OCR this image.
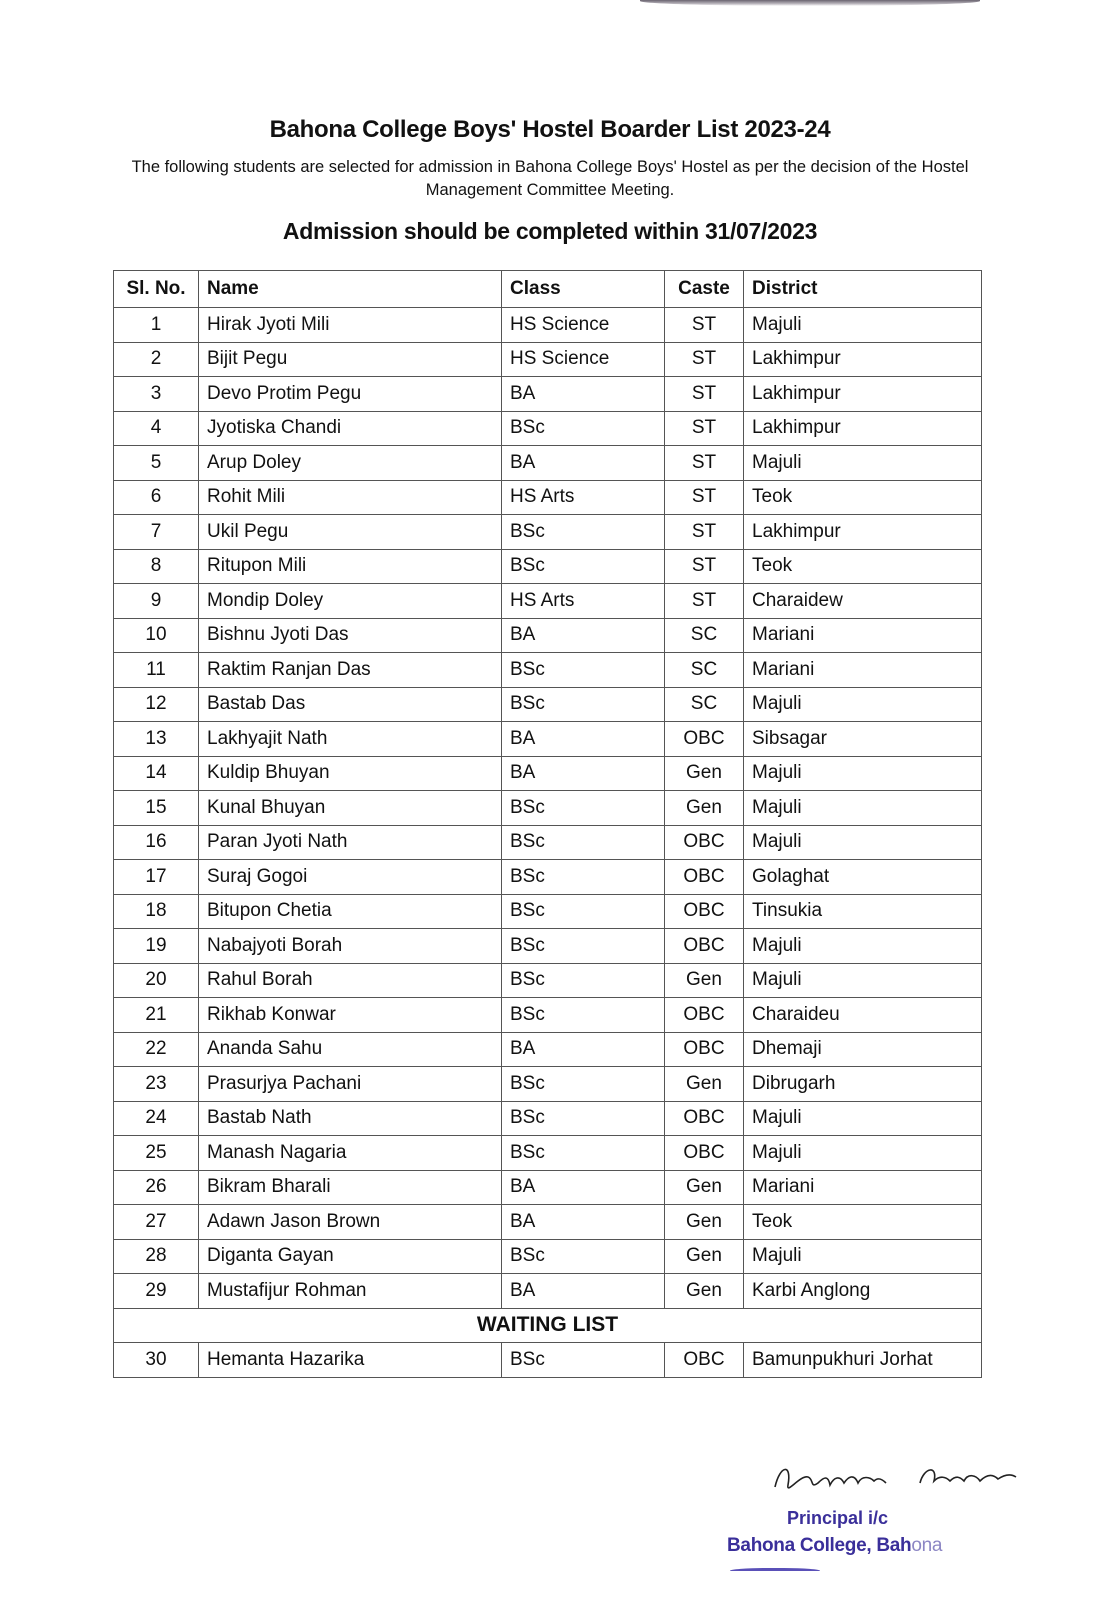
Bahona College Boys' Hostel Boarder List 2023-24
The following students are selected for admission in Bahona College Boys' Hostel as per the decision of the Hostel Management Committee Meeting.
Admission should be completed within 31/07/2023
Sl. No.	Name	Class	Caste	District
1	Hirak Jyoti Mili	HS Science	ST	Majuli
2	Bijit Pegu	HS Science	ST	Lakhimpur
3	Devo Protim Pegu	BA	ST	Lakhimpur
4	Jyotiska Chandi	BSc	ST	Lakhimpur
5	Arup Doley	BA	ST	Majuli
6	Rohit Mili	HS Arts	ST	Teok
7	Ukil Pegu	BSc	ST	Lakhimpur
8	Ritupon Mili	BSc	ST	Teok
9	Mondip Doley	HS Arts	ST	Charaidew
10	Bishnu Jyoti Das	BA	SC	Mariani
11	Raktim Ranjan Das	BSc	SC	Mariani
12	Bastab Das	BSc	SC	Majuli
13	Lakhyajit Nath	BA	OBC	Sibsagar
14	Kuldip Bhuyan	BA	Gen	Majuli
15	Kunal Bhuyan	BSc	Gen	Majuli
16	Paran Jyoti Nath	BSc	OBC	Majuli
17	Suraj Gogoi	BSc	OBC	Golaghat
18	Bitupon Chetia	BSc	OBC	Tinsukia
19	Nabajyoti Borah	BSc	OBC	Majuli
20	Rahul Borah	BSc	Gen	Majuli
21	Rikhab Konwar	BSc	OBC	Charaideu
22	Ananda Sahu	BA	OBC	Dhemaji
23	Prasurjya Pachani	BSc	Gen	Dibrugarh
24	Bastab Nath	BSc	OBC	Majuli
25	Manash Nagaria	BSc	OBC	Majuli
26	Bikram Bharali	BA	Gen	Mariani
27	Adawn Jason Brown	BA	Gen	Teok
28	Diganta Gayan	BSc	Gen	Majuli
29	Mustafijur Rohman	BA	Gen	Karbi Anglong
WAITING LIST				
30	Hemanta Hazarika	BSc	OBC	Bamunpukhuri Jorhat
Principal i/c
Bahona College, Bahona
